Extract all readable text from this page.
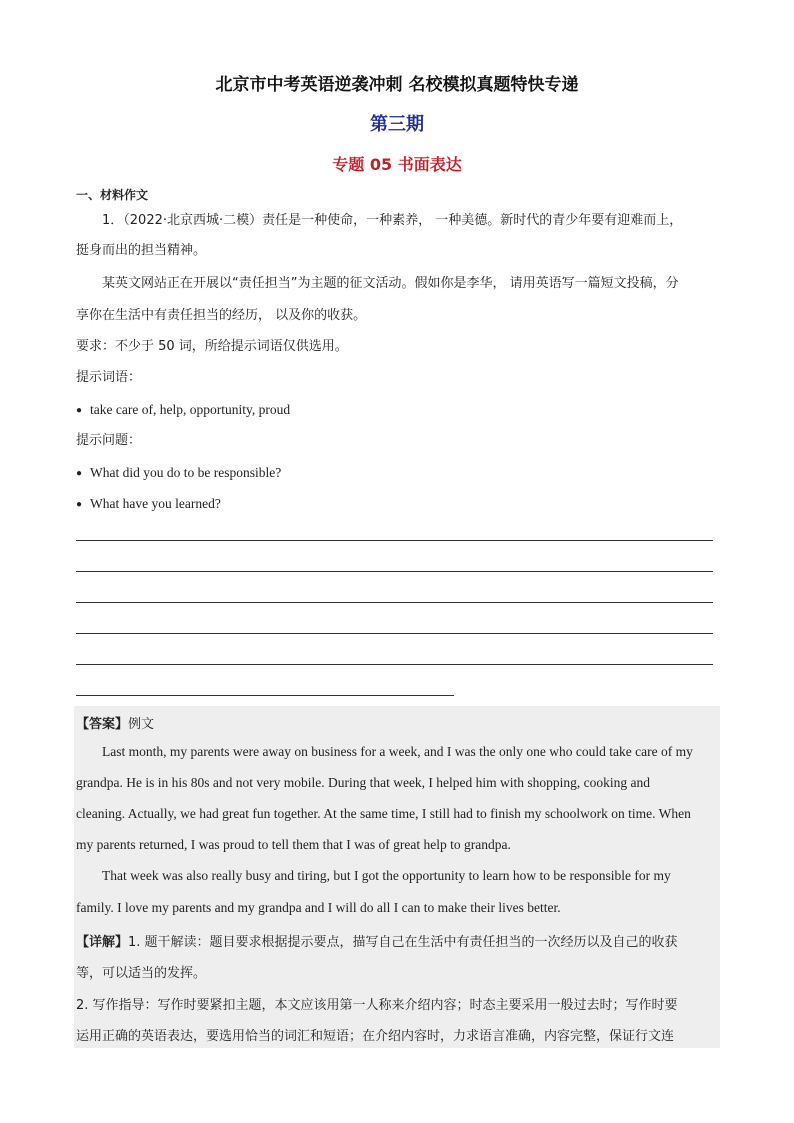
北京市中考英语逆袭冲刺 名校模拟真题特快专递
第三期
专题 05 书面表达
一、材料作文
1．（2022·北京西城·二模）责任是一种使命，一种素养， 一种美德。新时代的青少年要有迎难而上，
挺身而出的担当精神。
某英文网站正在开展以“责任担当”为主题的征文活动。假如你是李华， 请用英语写一篇短文投稿，分
享你在生活中有责任担当的经历， 以及你的收获。
要求：不少于 50 词，所给提示词语仅供选用。
提示词语：
● take care of, help, opportunity, proud
提示问题：
● What did you do to be responsible?
● What have you learned?
【答案】例文
Last month, my parents were away on business for a week, and I was the only one who could take care of my
grandpa. He is in his 80s and not very mobile. During that week, I helped him with shopping, cooking and
cleaning. Actually, we had great fun together. At the same time, I still had to finish my schoolwork on time. When
my parents returned, I was proud to tell them that I was of great help to grandpa.
That week was also really busy and tiring, but I got the opportunity to learn how to be responsible for my
family. I love my parents and my grandpa and I will do all I can to make their lives better.
【详解】1. 题干解读：题目要求根据提示要点，描写自己在生活中有责任担当的一次经历以及自己的收获
等，可以适当的发挥。
2. 写作指导：写作时要紧扣主题，本文应该用第一人称来介绍内容；时态主要采用一般过去时；写作时要
运用正确的英语表达，要选用恰当的词汇和短语；在介绍内容时，力求语言准确，内容完整，保证行文连
